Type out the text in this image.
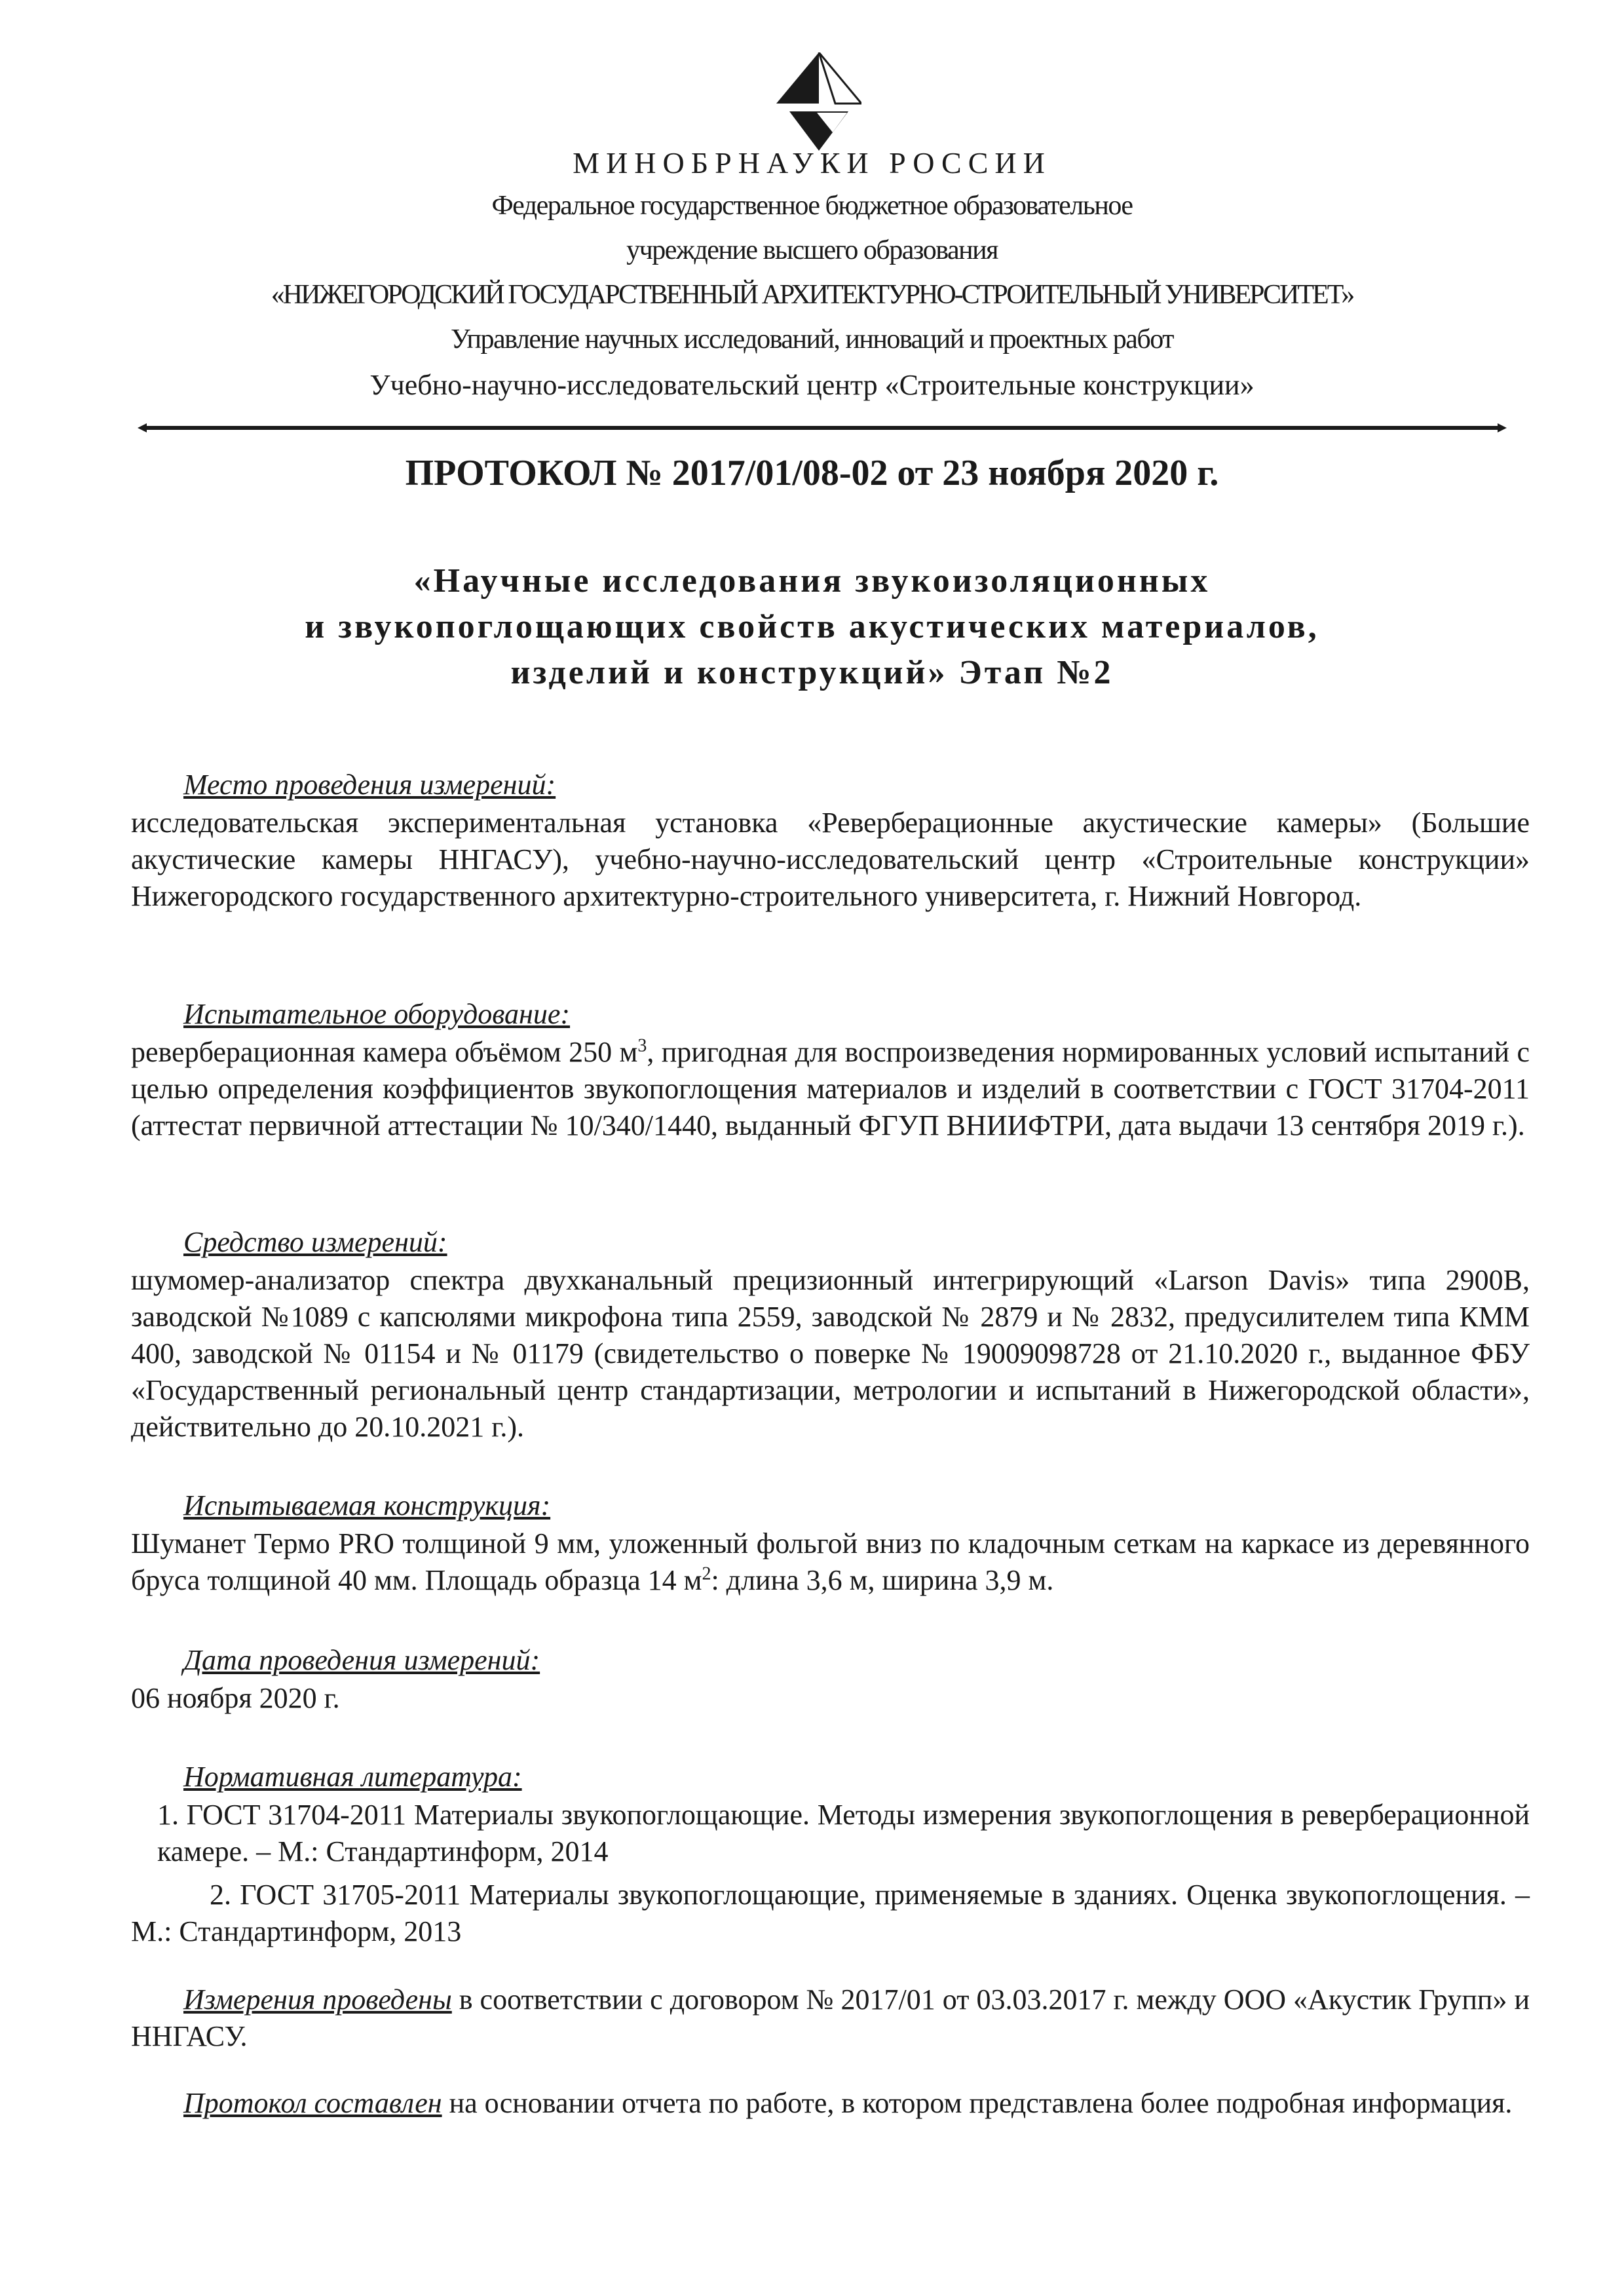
МИНОБРНАУКИ РОССИИ
Федеральное государственное бюджетное образовательное
учреждение высшего образования
«НИЖЕГОРОДСКИЙ ГОСУДАРСТВЕННЫЙ АРХИТЕКТУРНО-СТРОИТЕЛЬНЫЙ УНИВЕРСИТЕТ»
Управление научных исследований, инноваций и проектных работ
Учебно-научно-исследовательский центр «Строительные конструкции»
ПРОТОКОЛ № 2017/01/08-02 от 23 ноября 2020 г.
«Научные исследования звукоизоляционных
и звукопоглощающих свойств акустических материалов,
изделий и конструкций» Этап №2
Место проведения измерений:
исследовательская экспериментальная установка «Реверберационные акустические камеры» (Большие акустические камеры ННГАСУ), учебно-научно-исследовательский центр «Строительные конструкции» Нижегородского государственного архитектурно-строительного университета, г. Нижний Новгород.
Испытательное оборудование:
реверберационная камера объёмом 250 $м^3$, пригодная для воспроизведения нормированных условий испытаний с целью определения коэффициентов звукопоглощения материалов и изделий в соответствии с ГОСТ 31704-2011 (аттестат первичной аттестации № 10/340/1440, выданный ФГУП ВНИИФТРИ, дата выдачи 13 сентября 2019 г.).
Средство измерений:
шумомер-анализатор спектра двухканальный прецизионный интегрирующий «Larson Davis» типа 2900В, заводской №1089 с капсюлями микрофона типа 2559, заводской № 2879 и № 2832, предусилителем типа КММ 400, заводской № 01154 и № 01179 (свидетельство о поверке № 19009098728 от 21.10.2020 г., выданное ФБУ «Государственный региональный центр стандартизации, метрологии и испытаний в Нижегородской области», действительно до 20.10.2021 г.).
Испытываемая конструкция:
Шуманет Термо PRO толщиной 9 мм, уложенный фольгой вниз по кладочным сеткам на каркасе из деревянного бруса толщиной 40 мм. Площадь образца 14 $м^2$: длина 3,6 м, ширина 3,9 м.
Дата проведения измерений:
06 ноября 2020 г.
Нормативная литература:
1. ГОСТ 31704-2011 Материалы звукопоглощающие. Методы измерения звукопоглощения в реверберационной камере. – М.: Стандартинформ, 2014
2. ГОСТ 31705-2011 Материалы звукопоглощающие, применяемые в зданиях. Оценка звукопоглощения. – М.: Стандартинформ, 2013
Измерения проведены в соответствии с договором № 2017/01 от 03.03.2017 г. между ООО «Акустик Групп» и ННГАСУ.
Протокол составлен на основании отчета по работе, в котором представлена более подробная информация.
